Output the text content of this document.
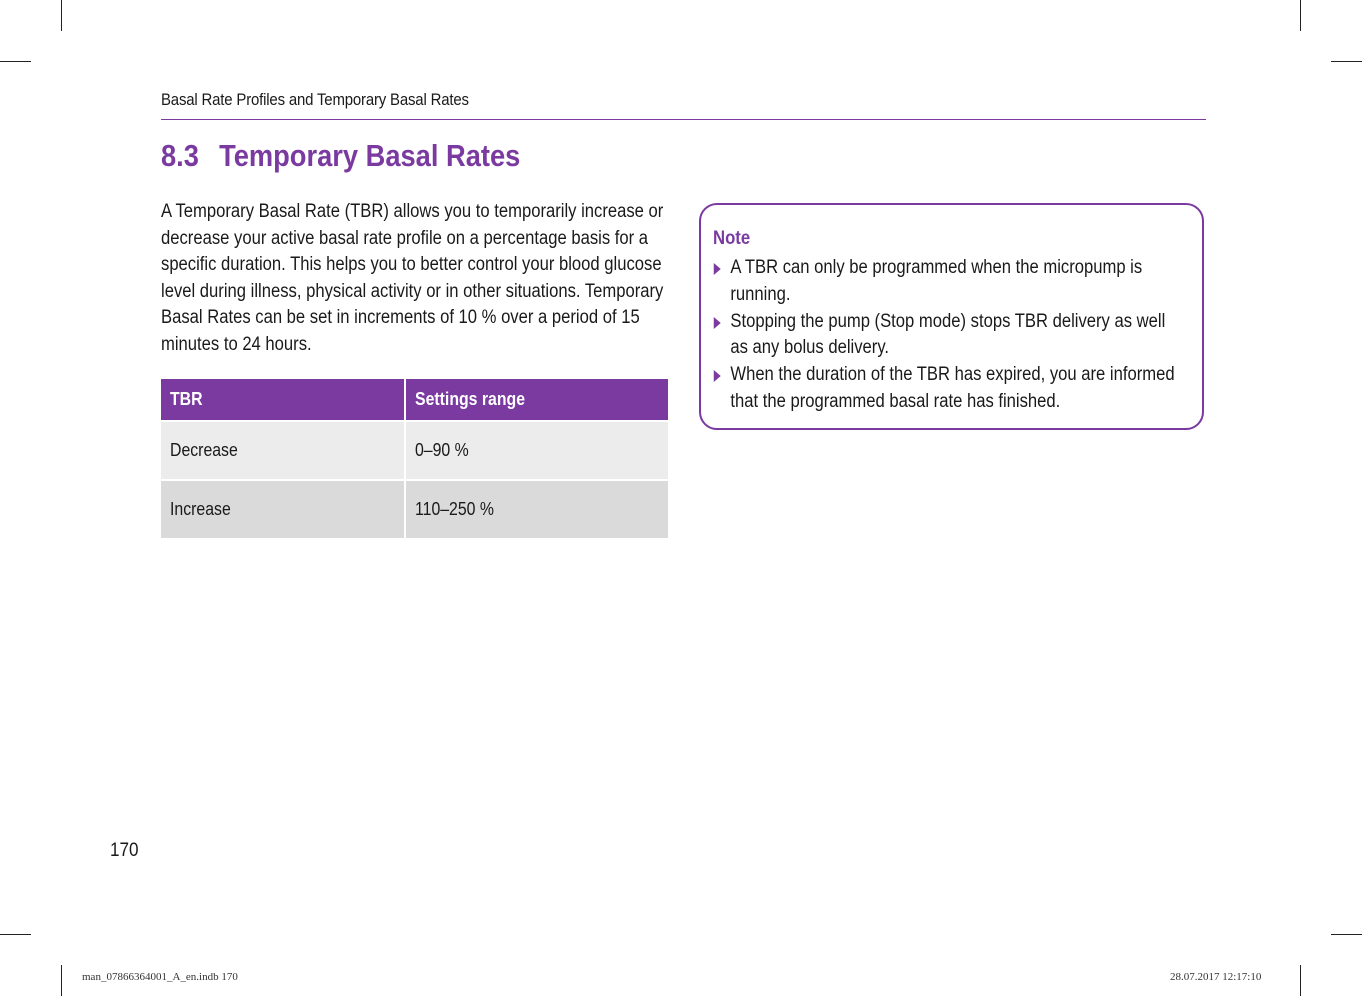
Basal Rate Profiles and Temporary Basal Rates
8.3 Temporary Basal Rates

A Temporary Basal Rate (TBR) allows you to temporarily increase or decrease your active basal rate profile on a percentage basis for a specific duration. This helps you to better control your blood glucose level during illness, physical activity or in other situations. Temporary Basal Rates can be set in increments of 10 % over a period of 15 minutes to 24 hours.

TBR	Settings range
Decrease	0–90 %
Increase	110–250 %
Note
A TBR can only be programmed when the micropump is running.
Stopping the pump (Stop mode) stops TBR delivery as well as any bolus delivery.
When the duration of the TBR has expired, you are informed that the programmed basal rate has finished.
170
man_07866364001_A_en.indb 170	28.07.2017 12:17:10
